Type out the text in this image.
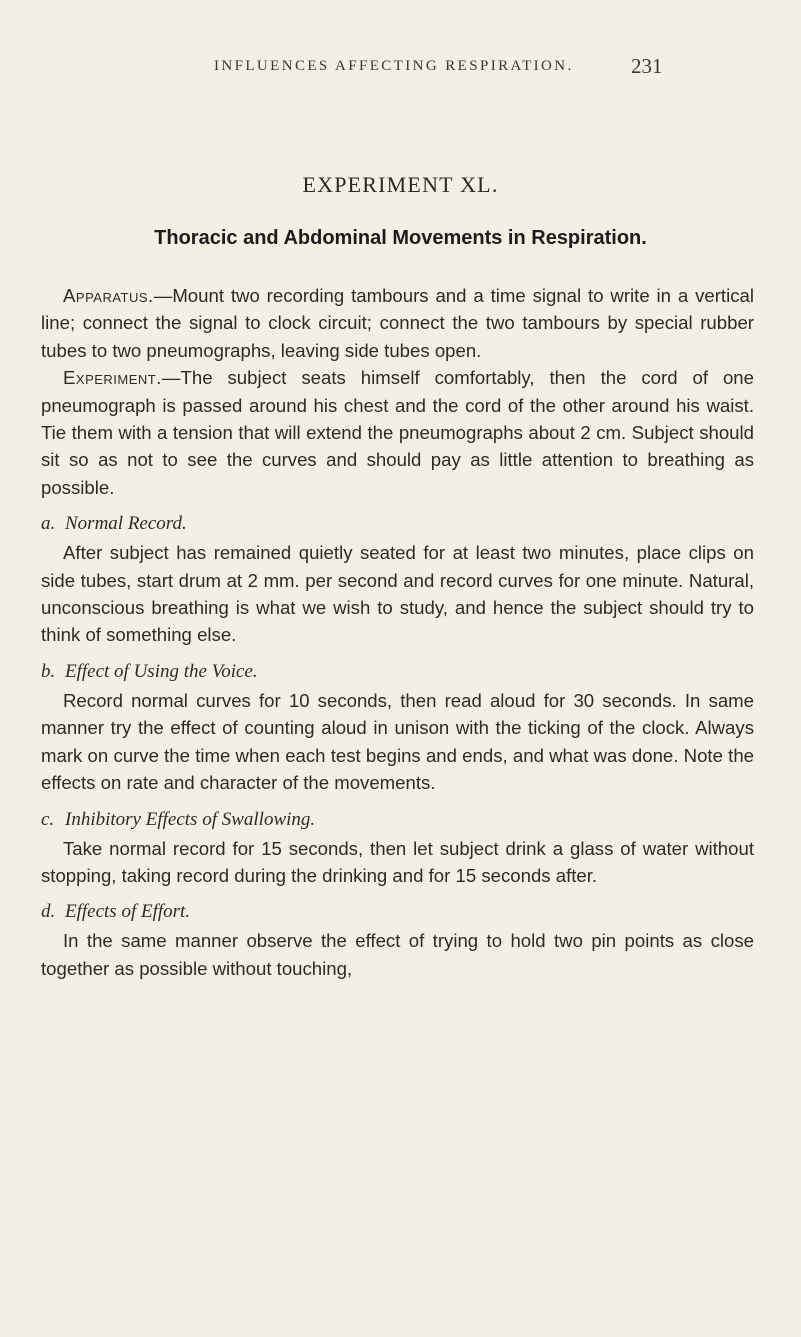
INFLUENCES AFFECTING RESPIRATION.	231
EXPERIMENT XL.
Thoracic and Abdominal Movements in Respiration.

Apparatus.—Mount two recording tambours and a time signal to write in a vertical line; connect the signal to clock circuit; connect the two tambours by special rubber tubes to two pneumographs, leaving side tubes open.

Experiment.—The subject seats himself comfortably, then the cord of one pneumograph is passed around his chest and the cord of the other around his waist. Tie them with a tension that will extend the pneumographs about 2 cm. Subject should sit so as not to see the curves and should pay as little attention to breathing as possible.

a. Normal Record.

After subject has remained quietly seated for at least two minutes, place clips on side tubes, start drum at 2 mm. per second and record curves for one minute. Natural, unconscious breathing is what we wish to study, and hence the subject should try to think of something else.

b. Effect of Using the Voice.

Record normal curves for 10 seconds, then read aloud for 30 seconds. In same manner try the effect of counting aloud in unison with the ticking of the clock. Always mark on curve the time when each test begins and ends, and what was done. Note the effects on rate and character of the movements.

c. Inhibitory Effects of Swallowing.

Take normal record for 15 seconds, then let subject drink a glass of water without stopping, taking record during the drinking and for 15 seconds after.

d. Effects of Effort.

In the same manner observe the effect of trying to hold two pin points as close together as possible without touching,
